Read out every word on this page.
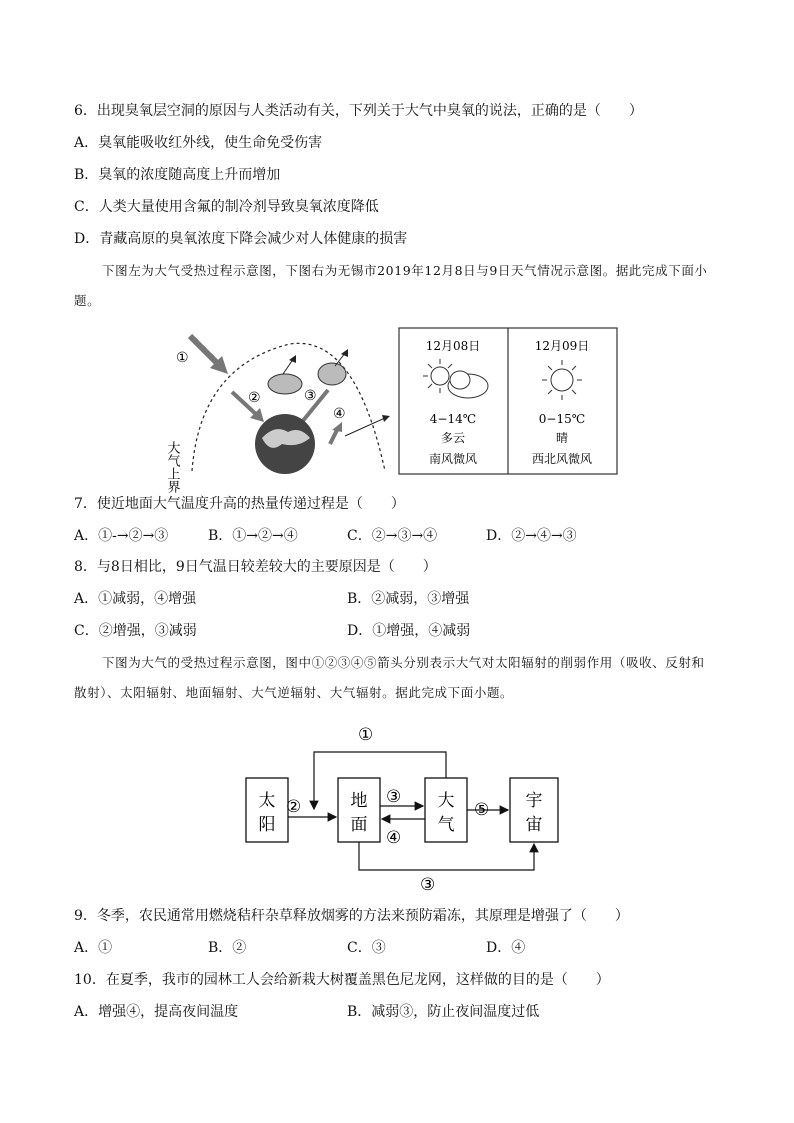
6．出现臭氧层空洞的原因与人类活动有关，下列关于大气中臭氧的说法，正确的是（　　）
A．臭氧能吸收红外线，使生命免受伤害
B．臭氧的浓度随高度上升而增加
C．人类大量使用含氟的制冷剂导致臭氧浓度降低
D．青藏高原的臭氧浓度下降会减少对人体健康的损害
下图左为大气受热过程示意图，下图右为无锡市2019年12月8日与9日天气情况示意图。据此完成下面小题。
大气上界
①
②	③
④
12月08日
4−14℃
多云
南风微风
12月09日
0−15℃
晴
西北风微风
7．使近地面大气温度升高的热量传递过程是（　　）
A．①-→②→③	B．①→②→④	C．②→③→④	D．②→④→③
8．与8日相比，9日气温日较差较大的主要原因是（　　）
A．①减弱，④增强	B．②减弱，③增强
C．②增强，③减弱	D．①增强，④减弱
下图为大气的受热过程示意图，图中①②③④⑤箭头分别表示大气对太阳辐射的削弱作用（吸收、反射和散射）、太阳辐射、地面辐射、大气逆辐射、大气辐射。据此完成下面小题。
太
阳
地
面
大
气
宇
宙
①
②	③
④
⑤
③
9．冬季，农民通常用燃烧秸秆杂草释放烟雾的方法来预防霜冻，其原理是增强了（　　）
A．①	B．②	C．③	D．④
10．在夏季，我市的园林工人会给新栽大树覆盖黑色尼龙网，这样做的目的是（　　）
A．增强④，提高夜间温度	B．减弱③，防止夜间温度过低
